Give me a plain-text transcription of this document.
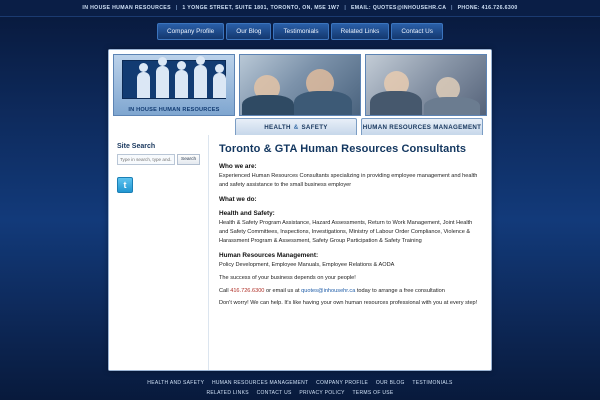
IN HOUSE HUMAN RESOURCES | 1 YONGE STREET, SUITE 1801, TORONTO, ON, M5E 1W7 | EMAIL: QUOTES@INHOUSEHR.CA | PHONE: 416.726.6300
Company Profile	Our Blog	Testimonials	Related Links	Contact Us
IN HOUSE HUMAN RESOURCES
HEALTH & SAFETY	HUMAN RESOURCES MANAGEMENT
Site Search
Type in search, type and...
Search
t
Toronto & GTA Human Resources Consultants
Who we are:

Experienced Human Resources Consultants specializing in providing employee management and health and safety assistance to the small business employer

What we do:
Health and Safety:

Health & Safety Program Assistance, Hazard Assessments, Return to Work Management, Joint Health and Safety Committees, Inspections, Investigations, Ministry of Labour Order Compliance, Violence & Harassment Program & Assessment, Safety Group Participation & Safety Training

Human Resources Management:

Policy Development, Employee Manuals, Employee Relations & AODA

The success of your business depends on your people!

Call 416.726.6300 or email us at quotes@inhousehr.ca today to arrange a free consultation

Don't worry! We can help. It's like having your own human resources professional with you at every step!

HEALTH AND SAFETY HUMAN RESOURCES MANAGEMENT COMPANY PROFILE OUR BLOG TESTIMONIALS
RELATED LINKS CONTACT US PRIVACY POLICY TERMS OF USE
